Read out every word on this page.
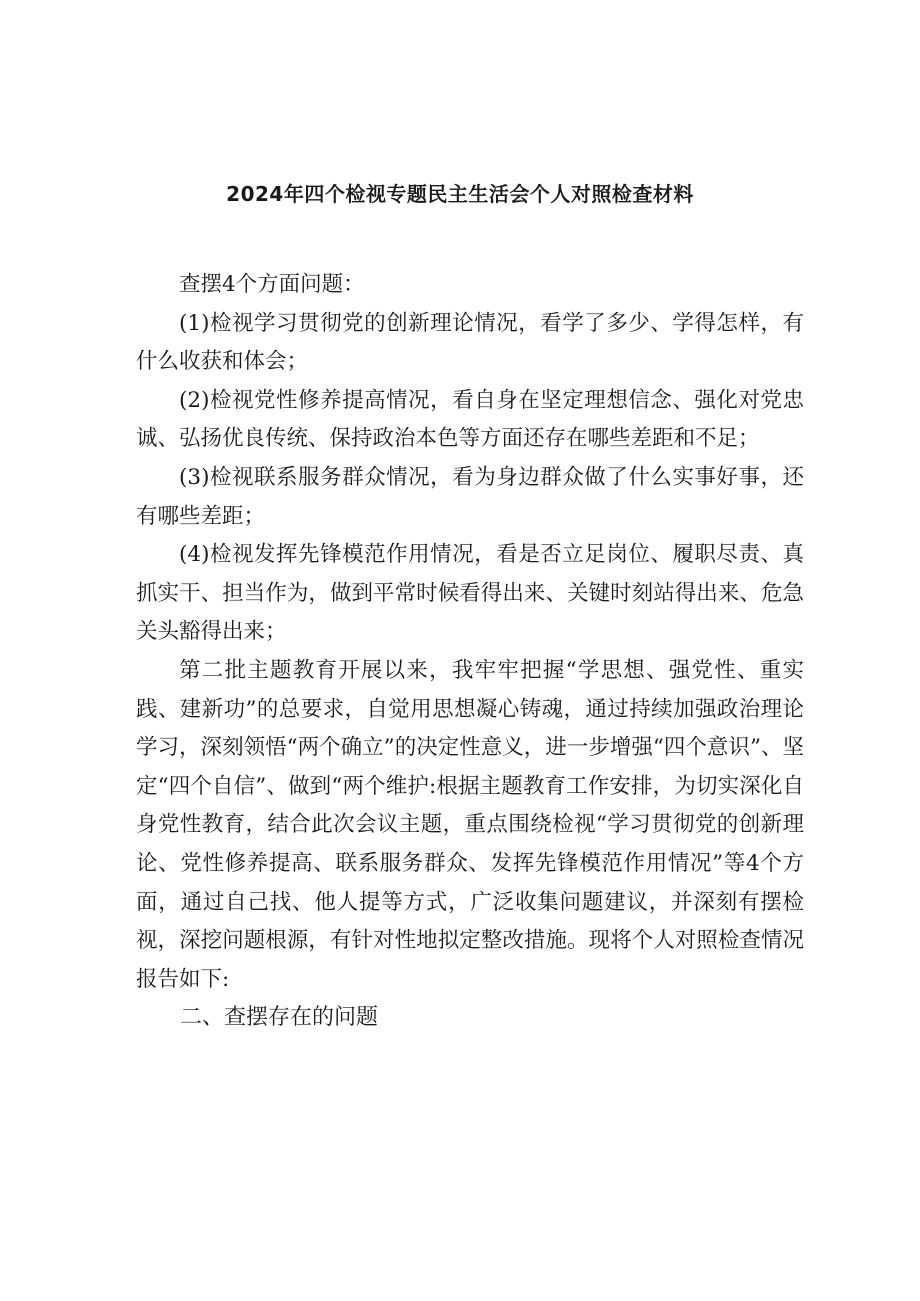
2024年四个检视专题民主生活会个人对照检查材料

查摆4个方面问题：

(1)检视学习贯彻党的创新理论情况，看学了多少、学得怎样，有什么收获和体会；

(2)检视党性修养提高情况，看自身在坚定理想信念、强化对党忠诚、弘扬优良传统、保持政治本色等方面还存在哪些差距和不足；

(3)检视联系服务群众情况，看为身边群众做了什么实事好事，还有哪些差距；

(4)检视发挥先锋模范作用情况，看是否立足岗位、履职尽责、真抓实干、担当作为，做到平常时候看得出来、关键时刻站得出来、危急关头豁得出来；

第二批主题教育开展以来，我牢牢把握“学思想、强党性、重实践、建新功”的总要求，自觉用思想凝心铸魂，通过持续加强政治理论学习，深刻领悟“两个确立”的决定性意义，进一步增强“四个意识”、坚定“四个自信”、做到“两个维护:根据主题教育工作安排，为切实深化自身党性教育，结合此次会议主题，重点围绕检视“学习贯彻党的创新理论、党性修养提高、联系服务群众、发挥先锋模范作用情况”等4个方面，通过自己找、他人提等方式，广泛收集问题建议，并深刻有摆检视，深挖问题根源，有针对性地拟定整改措施。现将个人对照检查情况报告如下:

二、查摆存在的问题
